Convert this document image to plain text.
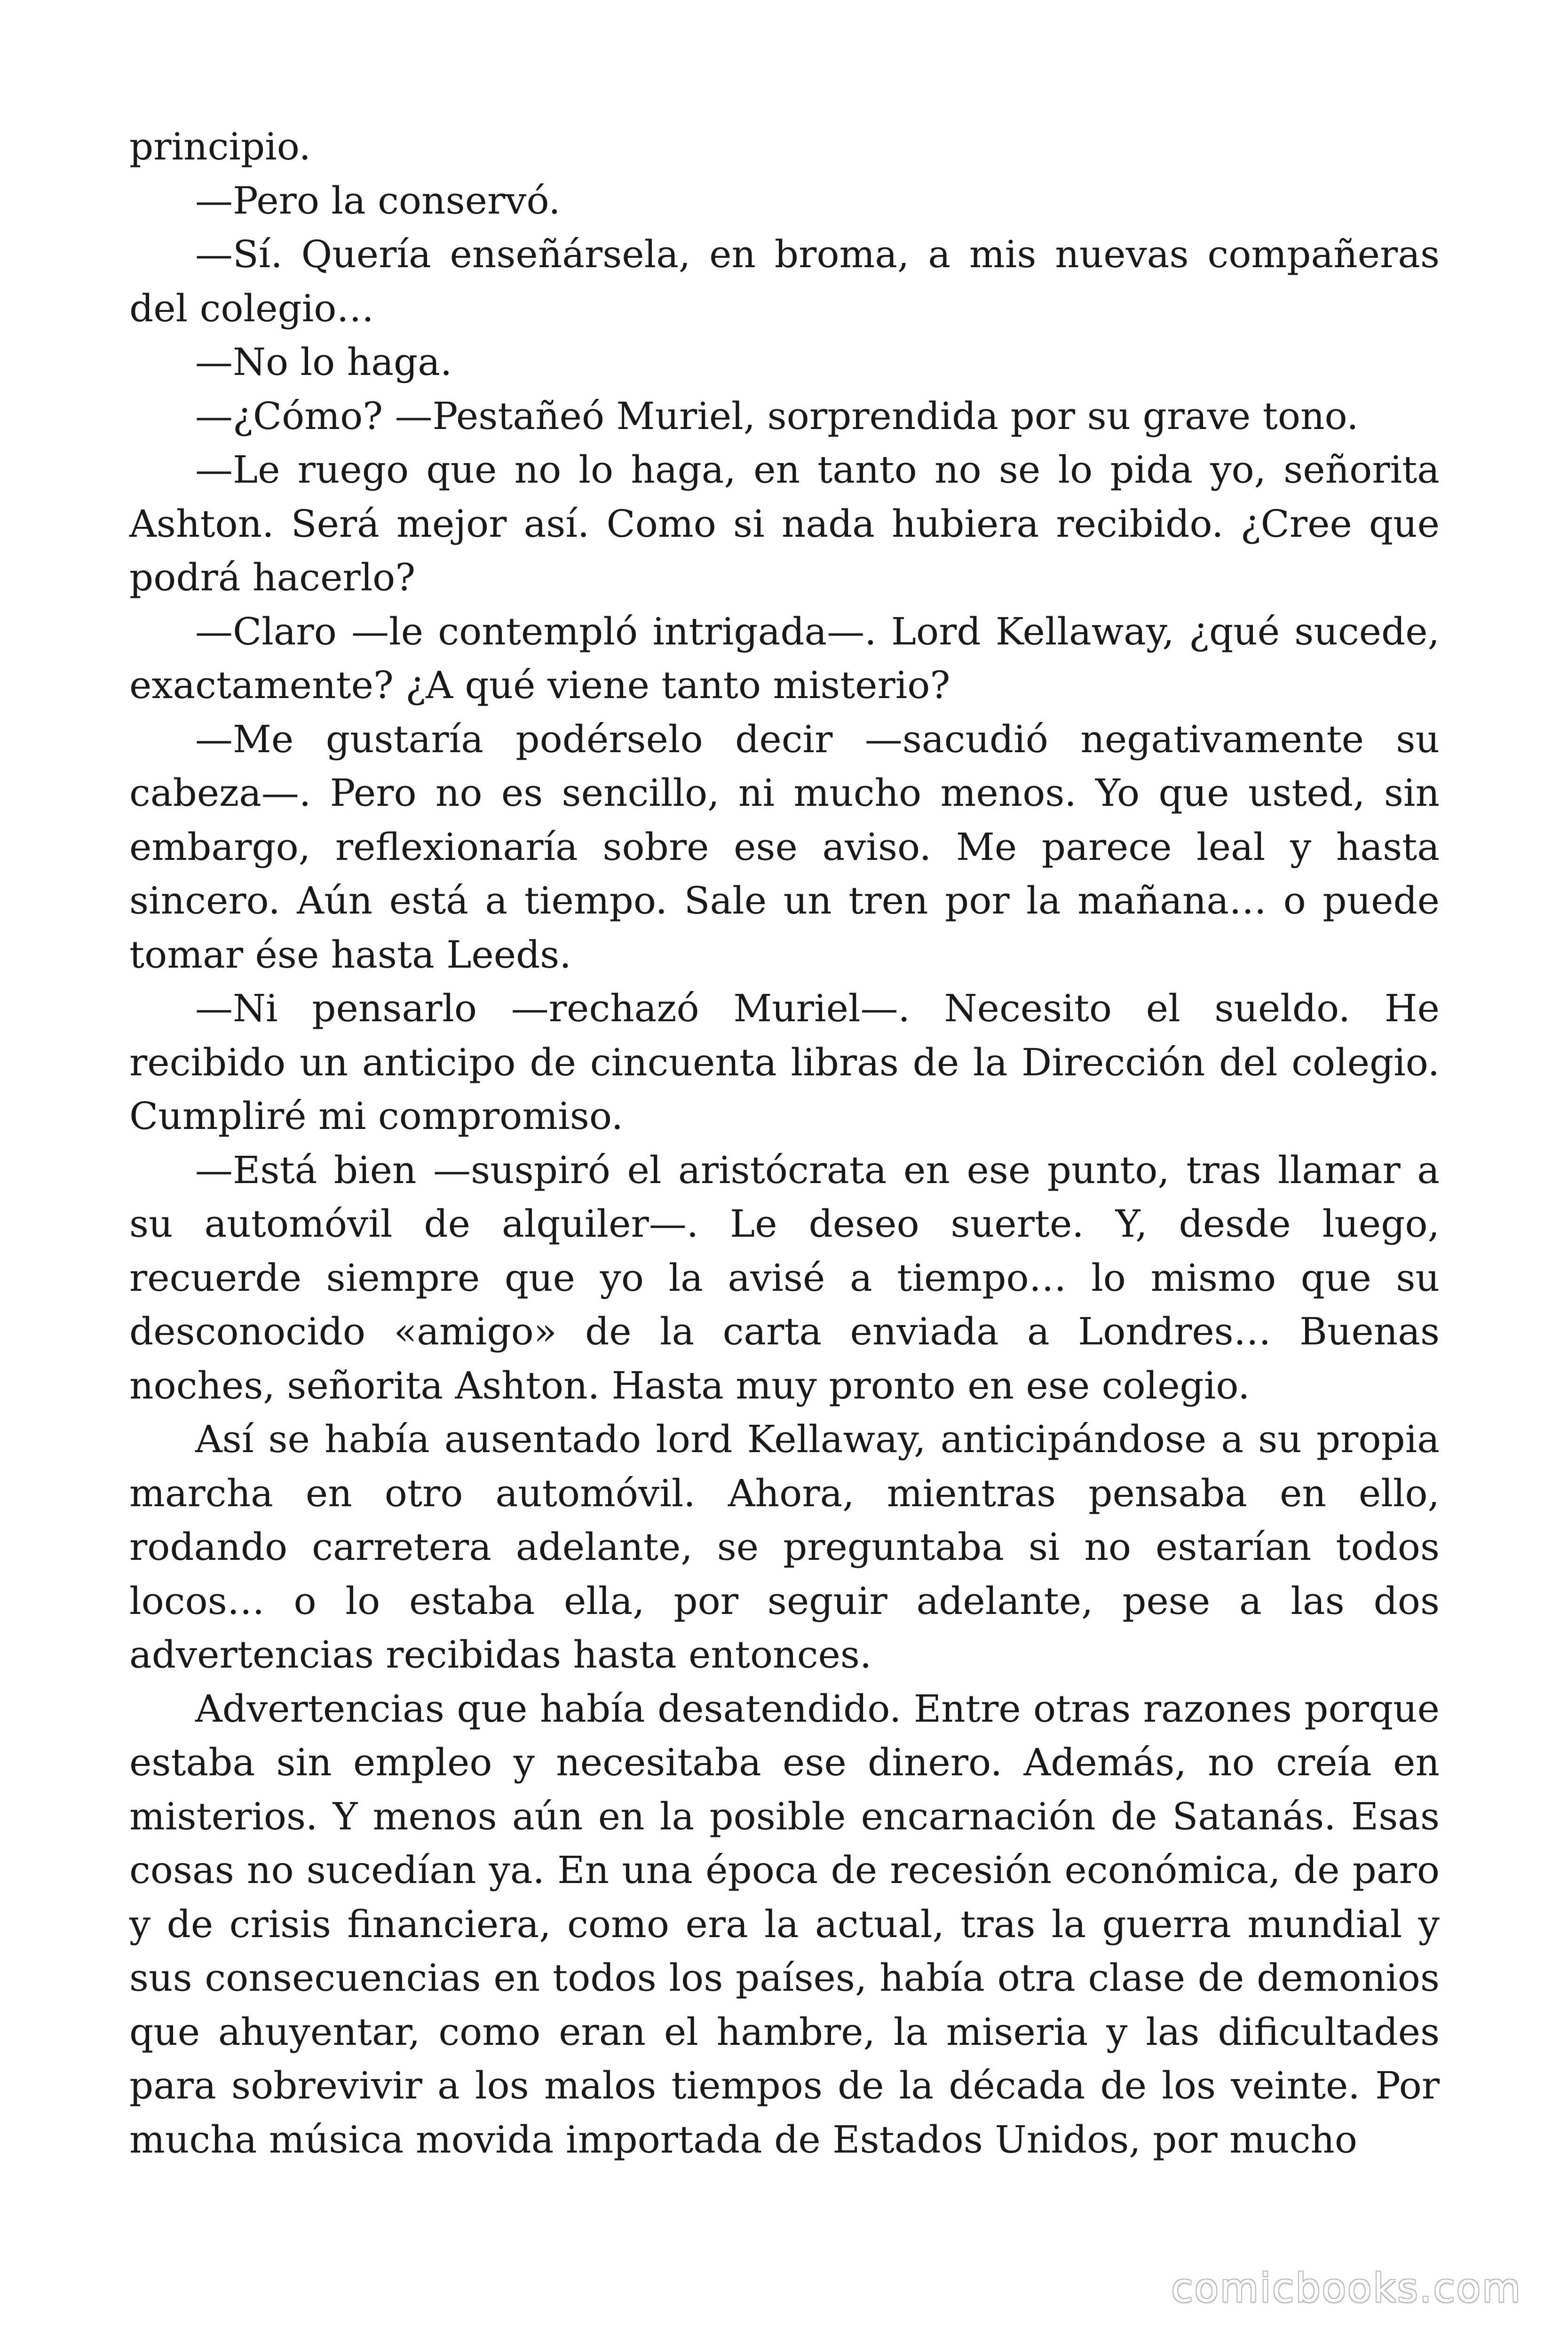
principio.

—Pero la conservó.

—Sí. Quería enseñársela, en broma, a mis nuevas compañeras del colegio…

—No lo haga.

—¿Cómo? —Pestañeó Muriel, sorprendida por su grave tono.

—Le ruego que no lo haga, en tanto no se lo pida yo, señorita Ashton. Será mejor así. Como si nada hubiera recibido. ¿Cree que podrá hacerlo?

—Claro —le contempló intrigada—. Lord Kellaway, ¿qué sucede, exactamente? ¿A qué viene tanto misterio?

—Me gustaría podérselo decir —sacudió negativamente su cabeza—. Pero no es sencillo, ni mucho menos. Yo que usted, sin embargo, reflexionaría sobre ese aviso. Me parece leal y hasta sincero. Aún está a tiempo. Sale un tren por la mañana… o puede tomar ése hasta Leeds.

—Ni pensarlo —rechazó Muriel—. Necesito el sueldo. He recibido un anticipo de cincuenta libras de la Dirección del colegio. Cumpliré mi compromiso.

—Está bien —suspiró el aristócrata en ese punto, tras llamar a su automóvil de alquiler—. Le deseo suerte. Y, desde luego, recuerde siempre que yo la avisé a tiempo… lo mismo que su desconocido «amigo» de la carta enviada a Londres… Buenas noches, señorita Ashton. Hasta muy pronto en ese colegio.

Así se había ausentado lord Kellaway, anticipándose a su propia marcha en otro automóvil. Ahora, mientras pensaba en ello, rodando carretera adelante, se preguntaba si no estarían todos locos… o lo estaba ella, por seguir adelante, pese a las dos advertencias recibidas hasta entonces.

Advertencias que había desatendido. Entre otras razones porque estaba sin empleo y necesitaba ese dinero. Además, no creía en misterios. Y menos aún en la posible encarnación de Satanás. Esas cosas no sucedían ya. En una época de recesión económica, de paro y de crisis financiera, como era la actual, tras la guerra mundial y sus consecuencias en todos los países, había otra clase de demonios que ahuyentar, como eran el hambre, la miseria y las dificultades para sobrevivir a los malos tiempos de la década de los veinte. Por mucha música movida importada de Estados Unidos, por mucho

comicbooks.com
